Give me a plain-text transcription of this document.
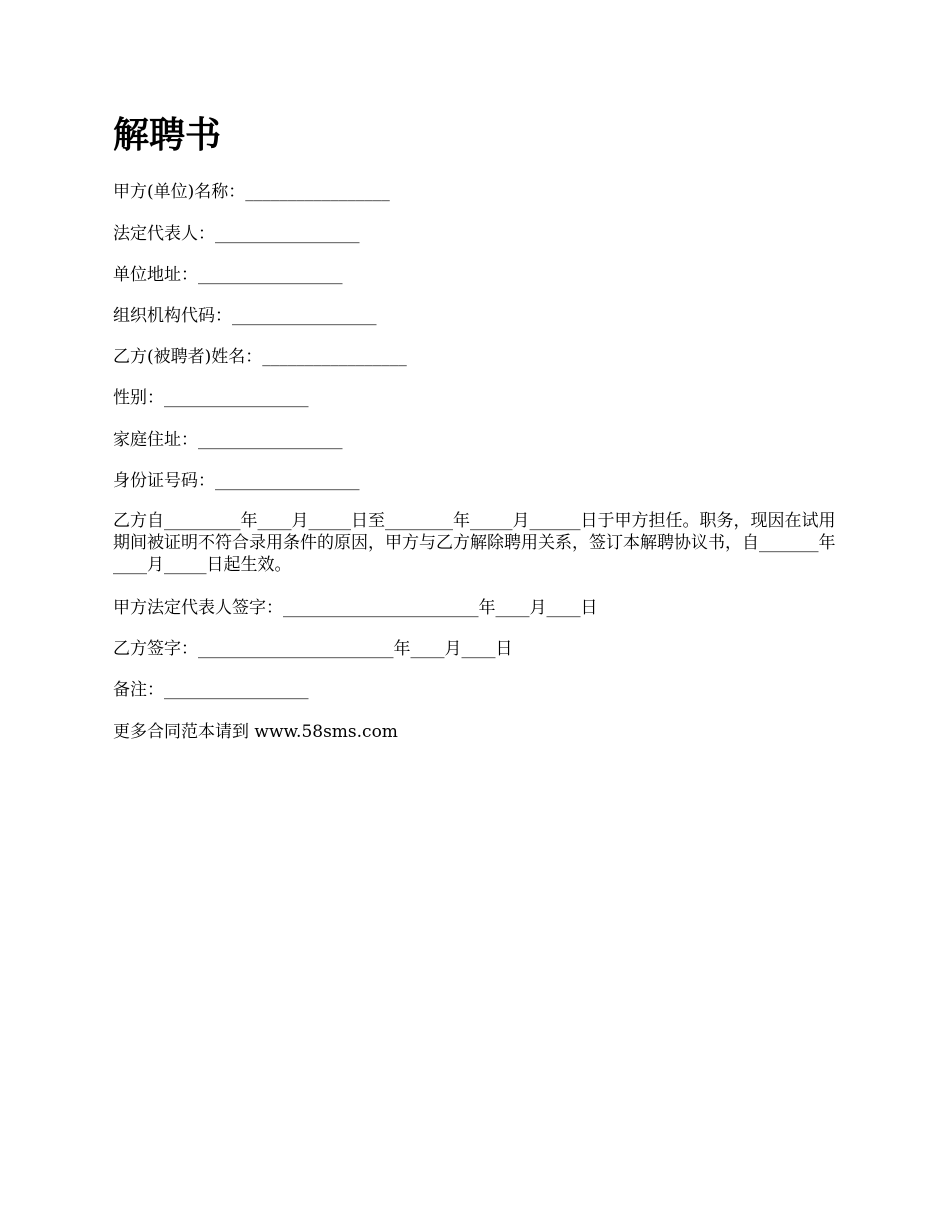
解聘书

甲方(单位)名称：_________________

法定代表人：_________________

单位地址：_________________

组织机构代码：_________________

乙方(被聘者)姓名：_________________

性别：_________________

家庭住址：_________________

身份证号码：_________________

乙方自_________年____月_____日至________年_____月______日于甲方担任。职务，现因在试用期间被证明不符合录用条件的原因，甲方与乙方解除聘用关系，签订本解聘协议书，自_______年____月_____日起生效。

甲方法定代表人签字：_______________________年____月____日

乙方签字：_______________________年____月____日

备注：_________________

更多合同范本请到 www.58sms.com
